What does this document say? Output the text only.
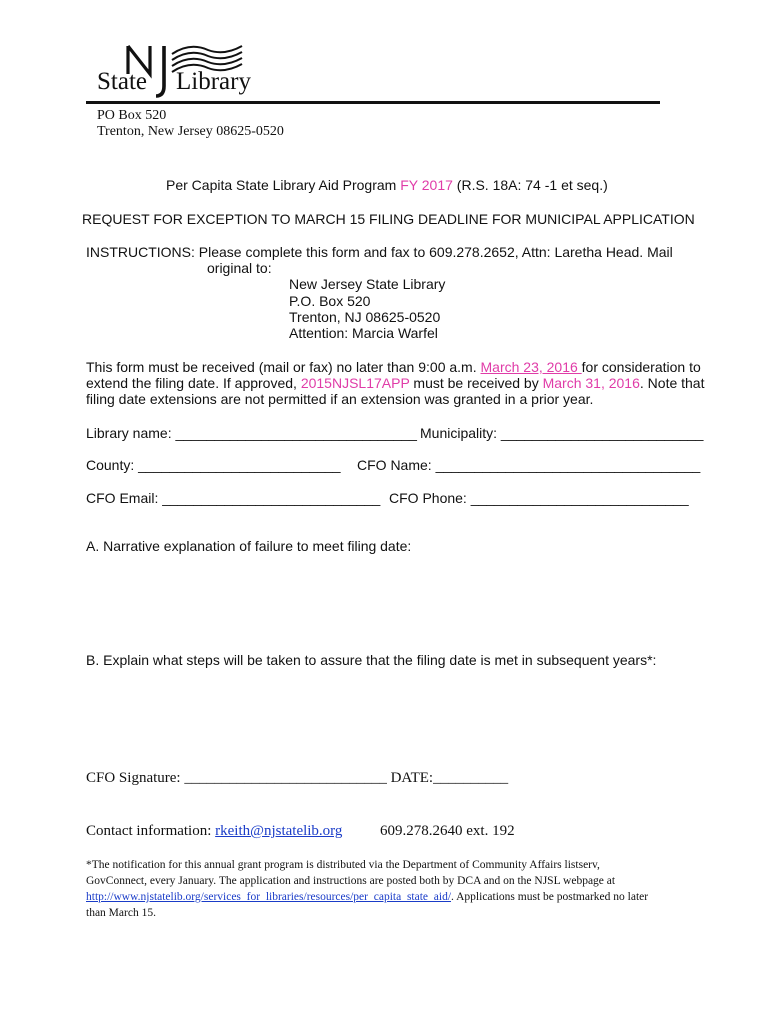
State Library
PO Box 520
Trenton, New Jersey 08625-0520
Per Capita State Library Aid Program FY 2017 (R.S. 18A: 74 -1 et seq.)
REQUEST FOR EXCEPTION TO MARCH 15 FILING DEADLINE FOR MUNICIPAL APPLICATION
INSTRUCTIONS: Please complete this form and fax to 609.278.2652, Attn: Laretha Head. Mail
original to:
New Jersey State Library
P.O. Box 520
Trenton, NJ 08625-0520
Attention: Marcia Warfel
This form must be received (mail or fax) no later than 9:00 a.m. March 23, 2016 for consideration to
extend the filing date. If approved, 2015NJSL17APP must be received by March 31, 2016. Note that
filing date extensions are not permitted if an extension was granted in a prior year.
Library name: _______________________________ Municipality: __________________________
County: __________________________ CFO Name: __________________________________
CFO Email: ____________________________ CFO Phone: ____________________________
A. Narrative explanation of failure to meet filing date:
B. Explain what steps will be taken to assure that the filing date is met in subsequent years*:
CFO Signature: ___________________________ DATE:__________
Contact information: rkeith@njstatelib.org	609.278.2640 ext. 192
*The notification for this annual grant program is distributed via the Department of Community Affairs listserv,
GovConnect, every January. The application and instructions are posted both by DCA and on the NJSL webpage at
http://www.njstatelib.org/services_for_libraries/resources/per_capita_state_aid/. Applications must be postmarked no later
than March 15.
